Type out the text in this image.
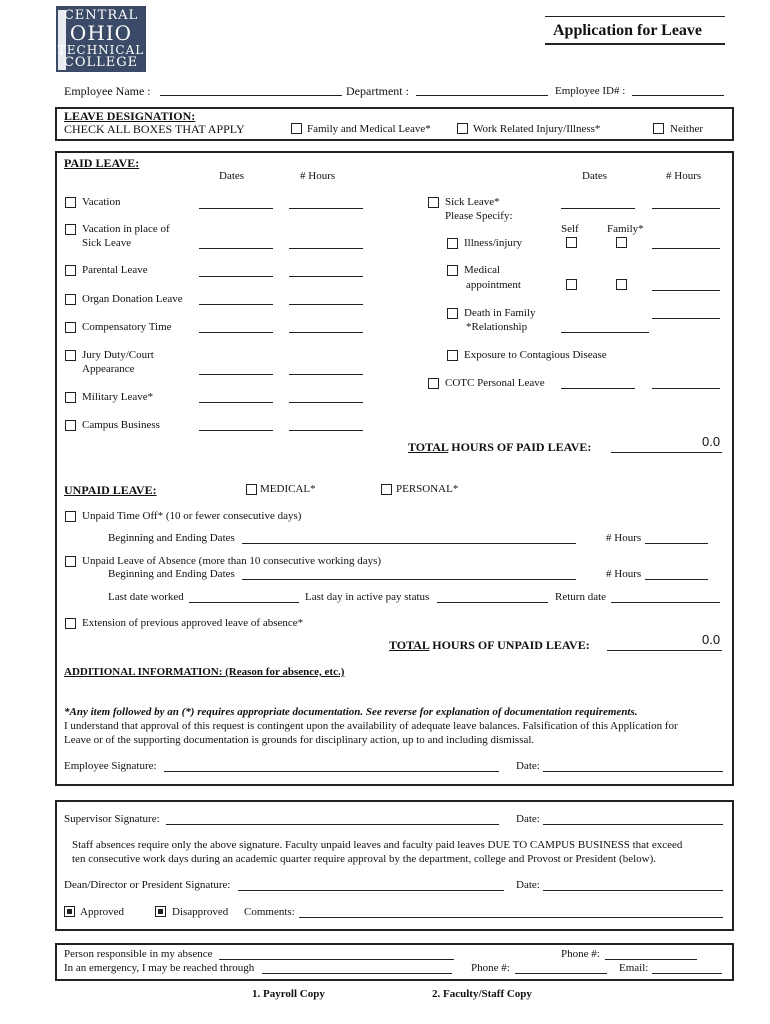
CENTRAL
OHIO
TECHNICAL
COLLEGE
Application for Leave
Employee Name :	Department :	Employee ID# :
LEAVE DESIGNATION:
CHECK ALL BOXES THAT APPLY	Family and Medical Leave*	Work Related Injury/Illness*	Neither
PAID LEAVE:
Dates	# Hours	Dates	# Hours
Vacation
Vacation in place of
Sick Leave
Parental Leave
Organ Donation Leave
Compensatory Time
Jury Duty/Court
Appearance
Military Leave*
Campus Business
Sick Leave*
Please Specify:
Self	Family*
Illness/injury
Medical
appointment
Death in Family
*Relationship
Exposure to Contagious Disease
COTC Personal Leave
TOTAL HOURS OF PAID LEAVE:	0.0
UNPAID LEAVE:	MEDICAL*	PERSONAL*
Unpaid Time Off* (10 or fewer consecutive days)
Beginning and Ending Dates	# Hours
Unpaid Leave of Absence (more than 10 consecutive working days)
Beginning and Ending Dates	# Hours
Last date worked	Last day in active pay status	Return date
Extension of previous approved leave of absence*
TOTAL HOURS OF UNPAID LEAVE:	0.0
ADDITIONAL INFORMATION: (Reason for absence, etc.)
*Any item followed by an (*) requires appropriate documentation. See reverse for explanation of documentation requirements.
I understand that approval of this request is contingent upon the availability of adequate leave balances. Falsification of this Application for
Leave or of the supporting documentation is grounds for disciplinary action, up to and including dismissal.
Employee Signature:	Date:
Supervisor Signature:	Date:
Staff absences require only the above signature. Faculty unpaid leaves and faculty paid leaves DUE TO CAMPUS BUSINESS that exceed
ten consecutive work days during an academic quarter require approval by the department, college and Provost or President (below).
Dean/Director or President Signature:	Date:
Approved	Disapproved Comments:
Person responsible in my absence	Phone #:
In an emergency, I may be reached through	Phone #:	Email:
1. Payroll Copy	2. Faculty/Staff Copy
